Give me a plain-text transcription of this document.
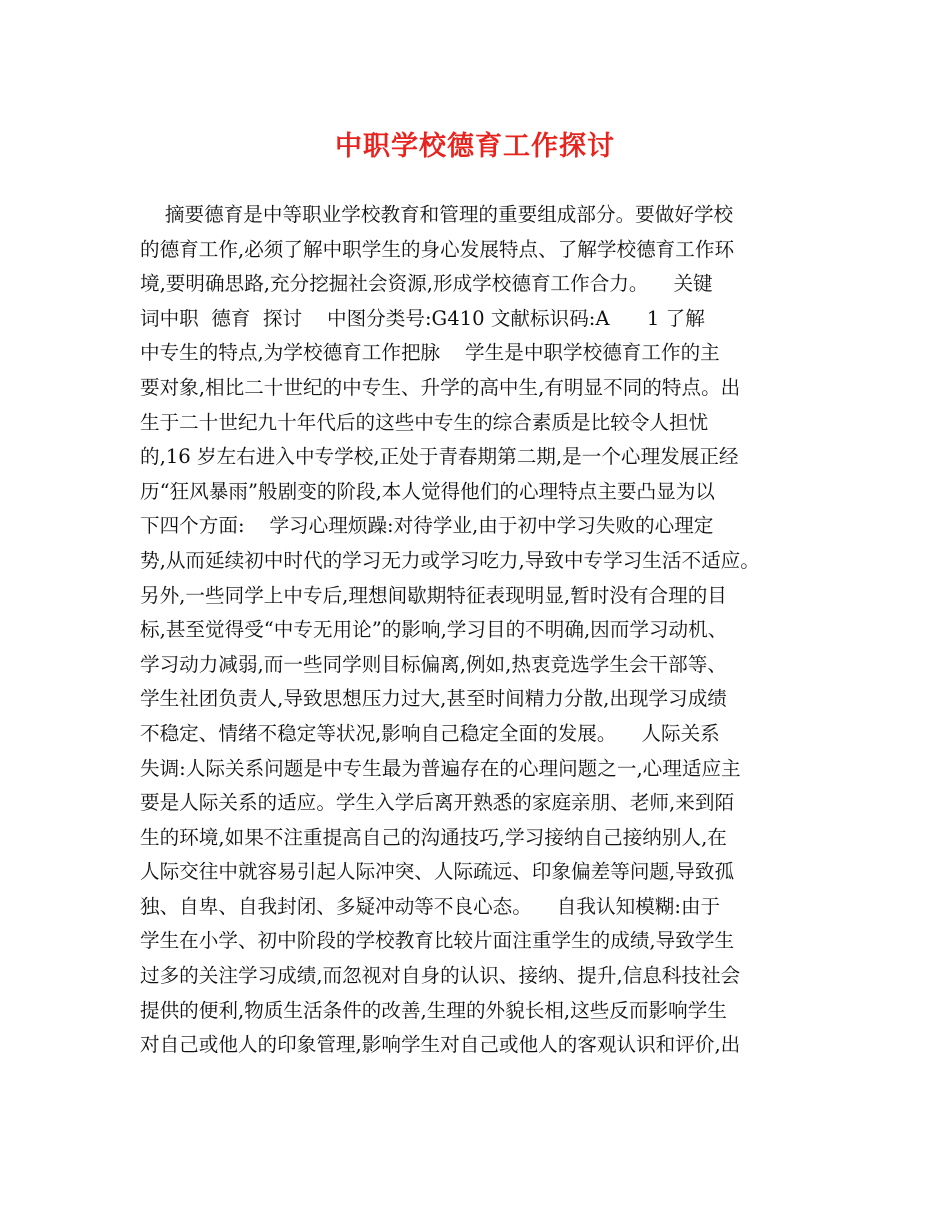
中职学校德育工作探讨
摘要德育是中等职业学校教育和管理的重要组成部分。要做好学校
的德育工作,必须了解中职学生的身心发展特点、了解学校德育工作环
境,要明确思路,充分挖掘社会资源,形成学校德育工作合力。    关键
词中职  德育  探讨    中图分类号:G410 文献标识码:A      1 了解
中专生的特点,为学校德育工作把脉    学生是中职学校德育工作的主
要对象,相比二十世纪的中专生、升学的高中生,有明显不同的特点。出
生于二十世纪九十年代后的这些中专生的综合素质是比较令人担忧
的,16 岁左右进入中专学校,正处于青春期第二期,是一个心理发展正经
历“狂风暴雨”般剧变的阶段,本人觉得他们的心理特点主要凸显为以
下四个方面:    学习心理烦躁:对待学业,由于初中学习失败的心理定
势,从而延续初中时代的学习无力或学习吃力,导致中专学习生活不适应。
另外,一些同学上中专后,理想间歇期特征表现明显,暂时没有合理的目
标,甚至觉得受“中专无用论”的影响,学习目的不明确,因而学习动机、
学习动力减弱,而一些同学则目标偏离,例如,热衷竞选学生会干部等、
学生社团负责人,导致思想压力过大,甚至时间精力分散,出现学习成绩
不稳定、情绪不稳定等状况,影响自己稳定全面的发展。    人际关系
失调:人际关系问题是中专生最为普遍存在的心理问题之一,心理适应主
要是人际关系的适应。学生入学后离开熟悉的家庭亲朋、老师,来到陌
生的环境,如果不注重提高自己的沟通技巧,学习接纳自己接纳别人,在
人际交往中就容易引起人际冲突、人际疏远、印象偏差等问题,导致孤
独、自卑、自我封闭、多疑冲动等不良心态。    自我认知模糊:由于
学生在小学、初中阶段的学校教育比较片面注重学生的成绩,导致学生
过多的关注学习成绩,而忽视对自身的认识、接纳、提升,信息科技社会
提供的便利,物质生活条件的改善,生理的外貌长相,这些反而影响学生
对自己或他人的印象管理,影响学生对自己或他人的客观认识和评价,出
